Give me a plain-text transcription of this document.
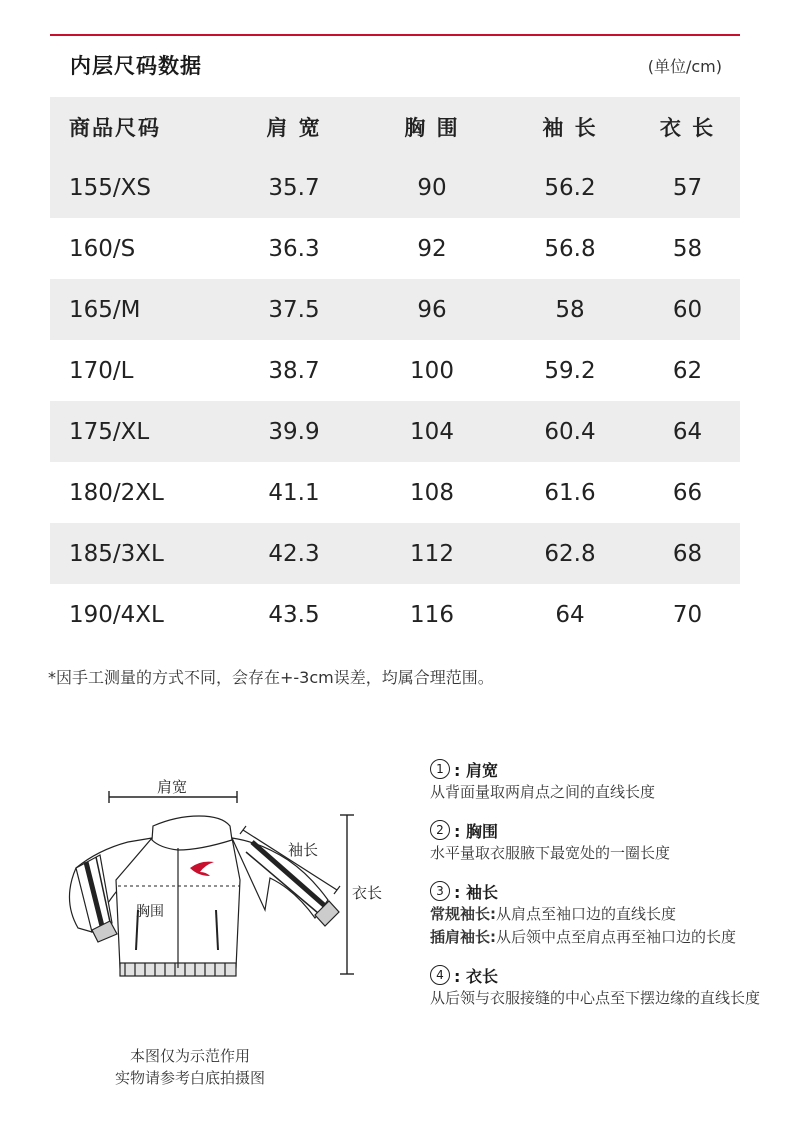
内层尺码数据	(单位/cm)
商品尺码	肩 宽	胸 围	袖 长	衣 长
155/XS	35.7	90	56.2	57
160/S	36.3	92	56.8	58
165/M	37.5	96	58	60
170/L	38.7	100	59.2	62
175/XL	39.9	104	60.4	64
180/2XL	41.1	108	61.6	66
185/3XL	42.3	112	62.8	68
190/4XL	43.5	116	64	70
*因手工测量的方式不同，会存在+-3cm误差，均属合理范围。
肩宽
袖长
衣长
胸围
本图仅为示范作用
实物请参考白底拍摄图
1 : 肩宽
从背面量取两肩点之间的直线长度
2 : 胸围
水平量取衣服腋下最宽处的一圈长度
3 : 袖长
常规袖长: 从肩点至袖口边的直线长度
插肩袖长: 从后领中点至肩点再至袖口边的长度
4 : 衣长
从后领与衣服接缝的中心点至下摆边缘的直线长度
